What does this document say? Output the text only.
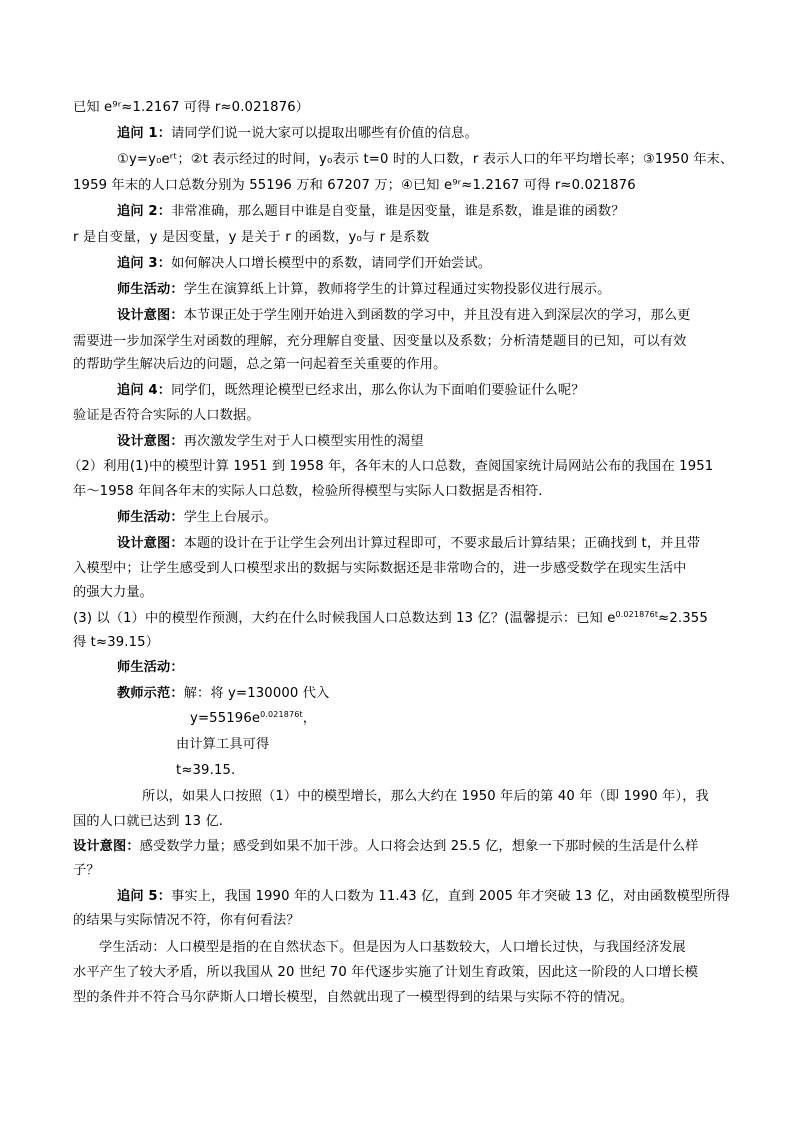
已知 e⁹ʳ≈1.2167 可得 r≈0.021876）
追问 1：请同学们说一说大家可以提取出哪些有价值的信息。
①y=y₀eʳᵗ；②t 表示经过的时间，y₀表示 t=0 时的人口数，r 表示人口的年平均增长率；③1950 年末、
1959 年末的人口总数分别为 55196 万和 67207 万；④已知 e⁹ʳ≈1.2167 可得 r≈0.021876
追问 2：非常准确，那么题目中谁是自变量，谁是因变量，谁是系数，谁是谁的函数？
r 是自变量，y 是因变量，y 是关于 r 的函数，y₀与 r 是系数
追问 3：如何解决人口增长模型中的系数，请同学们开始尝试。
师生活动：学生在演算纸上计算，教师将学生的计算过程通过实物投影仪进行展示。
设计意图：本节课正处于学生刚开始进入到函数的学习中，并且没有进入到深层次的学习，那么更
需要进一步加深学生对函数的理解，充分理解自变量、因变量以及系数；分析清楚题目的已知，可以有效
的帮助学生解决后边的问题，总之第一问起着至关重要的作用。
追问 4：同学们，既然理论模型已经求出，那么你认为下面咱们要验证什么呢？
验证是否符合实际的人口数据。
设计意图：再次激发学生对于人口模型实用性的渴望
（2）利用(1)中的模型计算 1951 到 1958 年，各年末的人口总数，查阅国家统计局网站公布的我国在 1951
年～1958 年间各年末的实际人口总数，检验所得模型与实际人口数据是否相符.
师生活动：学生上台展示。
设计意图：本题的设计在于让学生会列出计算过程即可，不要求最后计算结果；正确找到 t，并且带
入模型中；让学生感受到人口模型求出的数据与实际数据还是非常吻合的，进一步感受数学在现实生活中
的强大力量。
(3) 以（1）中的模型作预测，大约在什么时候我国人口总数达到 13 亿？(温馨提示：已知 $e^{0.021876t}\approx 2.355$
得 t≈39.15）
师生活动：
教师示范：解：将 y=130000 代入
$y=55196e^{0.021876t}$，
由计算工具可得
t≈39.15.
所以，如果人口按照（1）中的模型增长，那么大约在 1950 年后的第 40 年（即 1990 年），我
国的人口就已达到 13 亿.
设计意图：感受数学力量；感受到如果不加干涉。人口将会达到 25.5 亿，想象一下那时候的生活是什么样
子？
追问 5：事实上，我国 1990 年的人口数为 11.43 亿，直到 2005 年才突破 13 亿，对由函数模型所得
的结果与实际情况不符，你有何看法？
学生活动：人口模型是指的在自然状态下。但是因为人口基数较大，人口增长过快，与我国经济发展
水平产生了较大矛盾，所以我国从 20 世纪 70 年代逐步实施了计划生育政策，因此这一阶段的人口增长模
型的条件并不符合马尔萨斯人口增长模型，自然就出现了一模型得到的结果与实际不符的情况。
